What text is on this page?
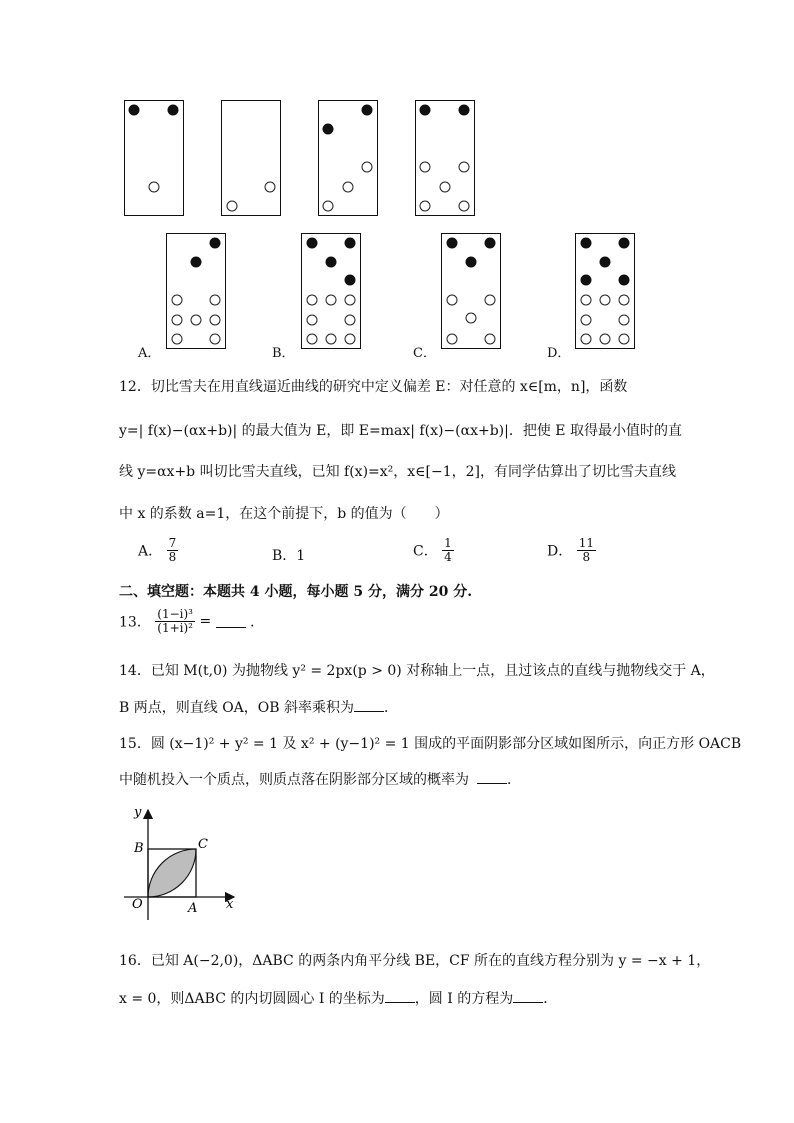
A．	B．	C．	D．
12．切比雪夫在用直线逼近曲线的研究中定义偏差 E：对任意的 x∈[m，n]，函数
y=| f(x)−(αx+b)| 的最大值为 E，即 E=max| f(x)−(αx+b)|．把使 E 取得最小值时的直
线 y=αx+b 叫切比雪夫直线，已知 f(x)=x²，x∈[−1，2]，有同学估算出了切比雪夫直线
中 x 的系数 a=1，在这个前提下，b 的值为（　　）
A． $\frac{7}{8}$	B．1	C． $\frac{1}{4}$	D． $\frac{11}{8}$
二、填空题：本题共 4 小题，每小题 5 分，满分 20 分.
13． $\frac{\text{(1−i)³}}{\text{(1+i)²}}$ =	．
14．已知 M(t,0) 为抛物线 y² = 2px(p > 0) 对称轴上一点，且过该点的直线与抛物线交于 A，
B 两点，则直线 OA，OB 斜率乘积为 ．
15．圆 (x−1)² + y² = 1 及 x² + (y−1)² = 1 围成的平面阴影部分区域如图所示，向正方形 OACB
中随机投入一个质点，则质点落在阴影部分区域的概率为	．
y
x
O	A
B	C
16．已知 A(−2,0)，ΔABC 的两条内角平分线 BE，CF 所在的直线方程分别为 y = −x + 1，
x = 0，则ΔABC 的内切圆圆心 I 的坐标为 ，圆 I 的方程为 ．
